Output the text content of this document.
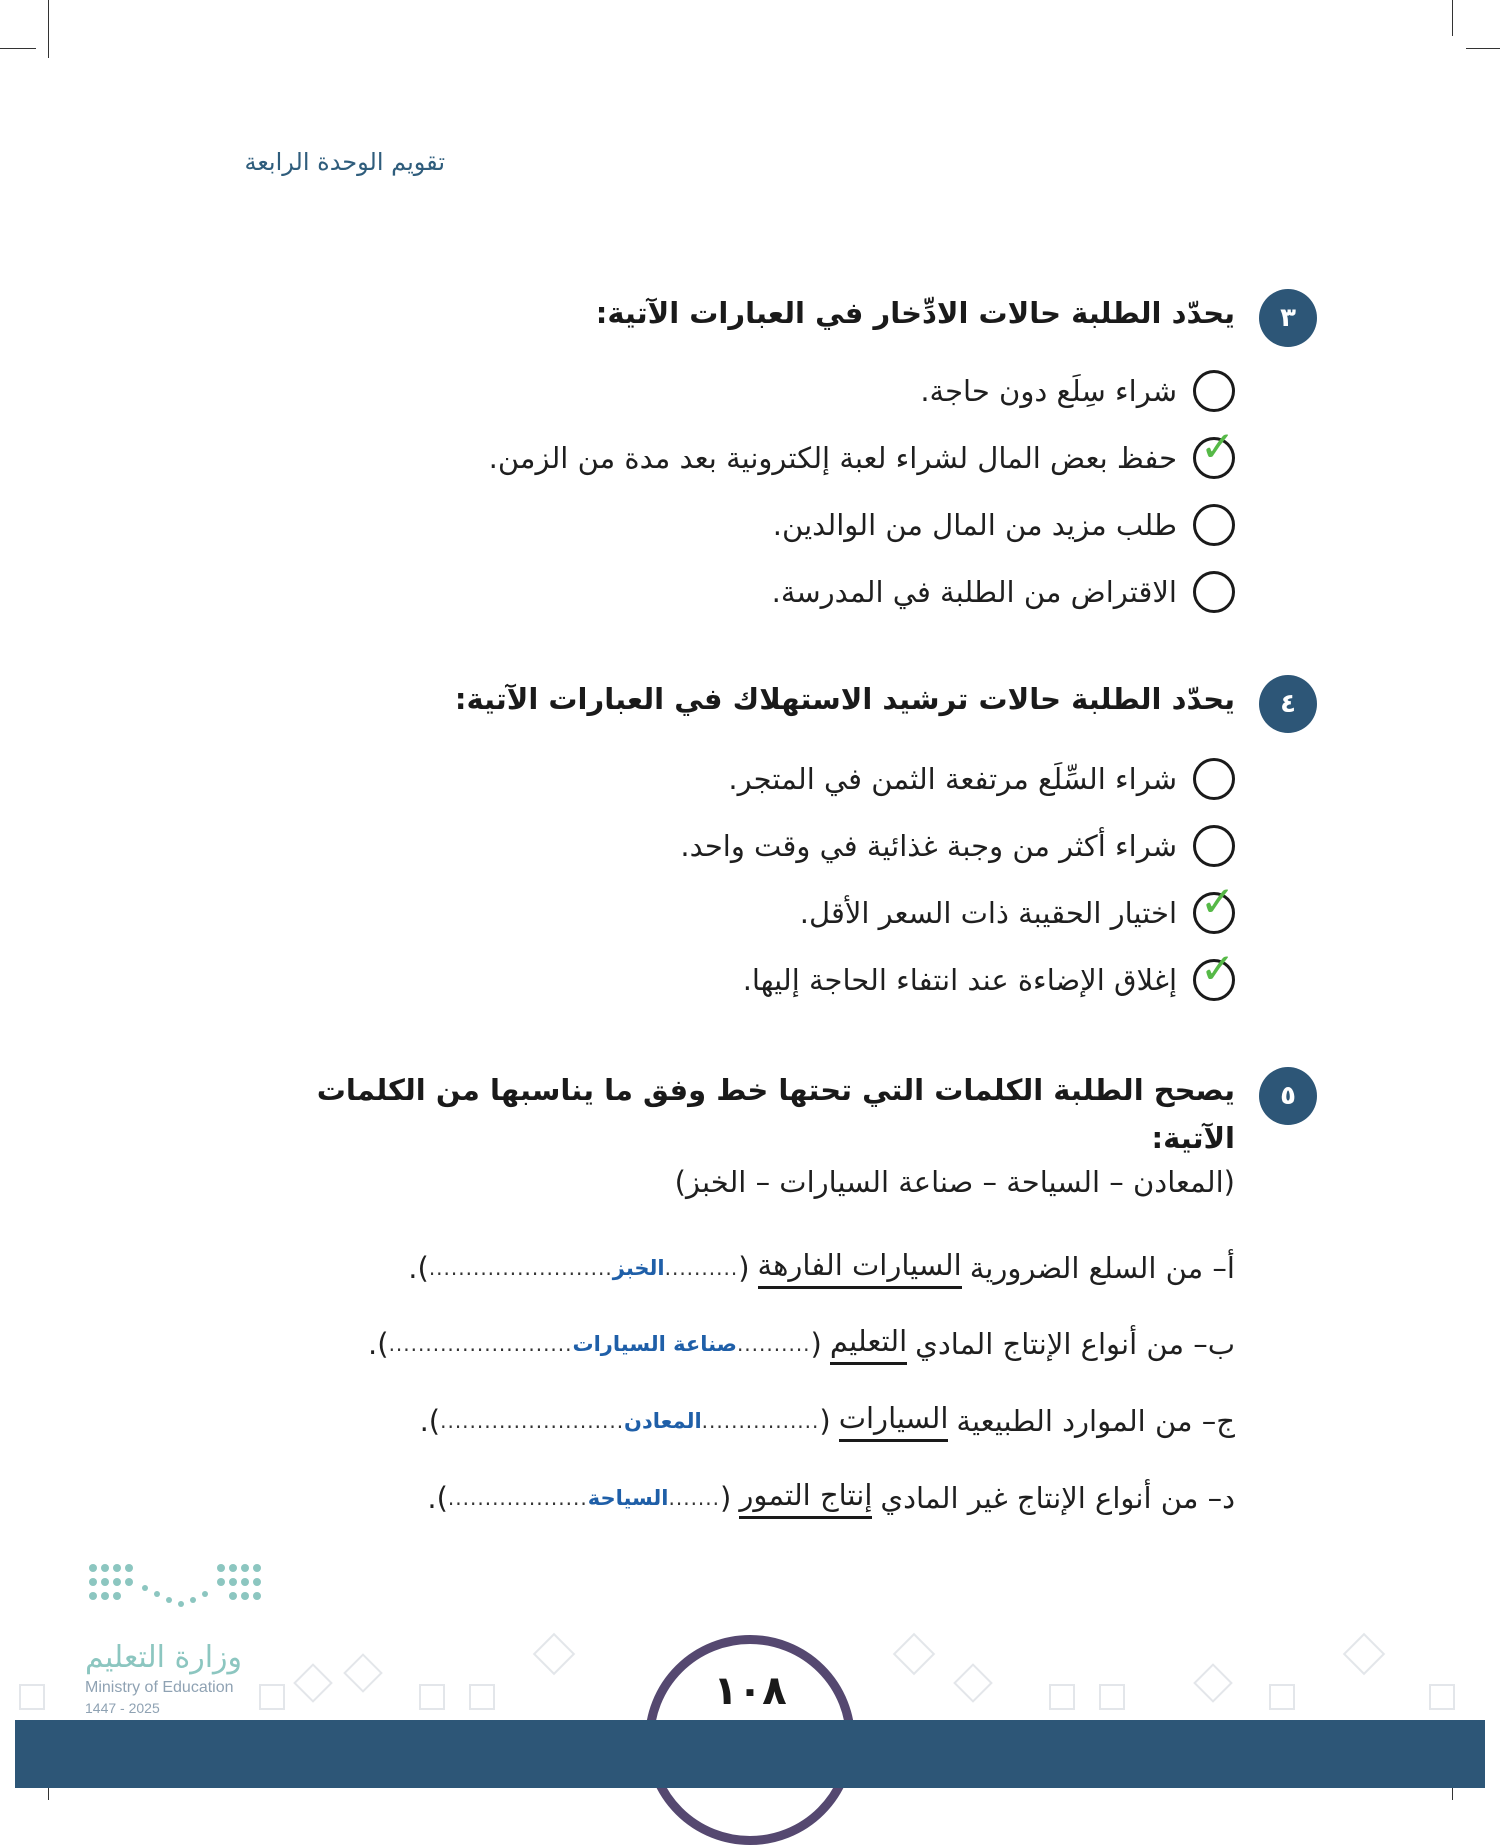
تقويم الوحدة الرابعة
٣
يحدّد الطلبة حالات الادِّخار في العبارات الآتية:
شراء سِلَع دون حاجة.
✓
حفظ بعض المال لشراء لعبة إلكترونية بعد مدة من الزمن.
طلب مزيد من المال من الوالدين.
الاقتراض من الطلبة في المدرسة.
٤
يحدّد الطلبة حالات ترشيد الاستهلاك في العبارات الآتية:
شراء السِّلَع مرتفعة الثمن في المتجر.
شراء أكثر من وجبة غذائية في وقت واحد.
✓
اختيار الحقيبة ذات السعر الأقل.
✓
إغلاق الإضاءة عند انتفاء الحاجة إليها.
٥
يصحح الطلبة الكلمات التي تحتها خط وفق ما يناسبها من الكلمات
الآتية:
(المعادن – السياحة – صناعة السيارات – الخبز)
أ– من السلع الضرورية
السيارات الفارهة
(
..........
الخبز
.........................
).
ب– من أنواع الإنتاج المادي
التعليم
(
..........
صناعة السيارات
.........................
).
ج– من الموارد الطبيعية
السيارات
(
................
المعادن
.........................
).
د– من أنواع الإنتاج غير المادي
إنتاج التمور
(
.......
السياحة
...................
).
وزارة التعليم
Ministry of Education
2025 - 1447	١٠٨
